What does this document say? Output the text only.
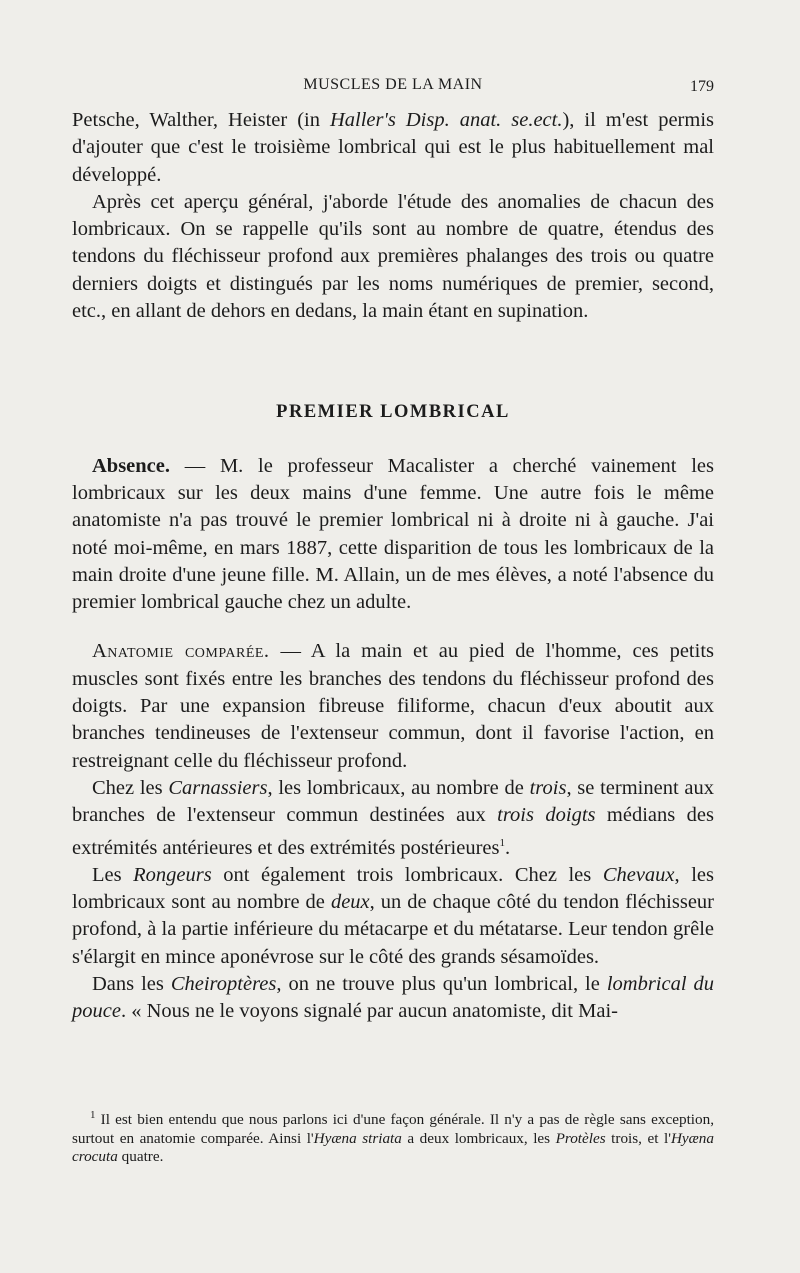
MUSCLES DE LA MAIN	179

Petsche, Walther, Heister (in Haller's Disp. anat. se.ect.), il m'est permis d'ajouter que c'est le troisième lombrical qui est le plus habituellement mal développé.

Après cet aperçu général, j'aborde l'étude des anomalies de chacun des lombricaux. On se rappelle qu'ils sont au nombre de quatre, étendus des tendons du fléchisseur profond aux premières phalanges des trois ou quatre derniers doigts et distingués par les noms numériques de premier, second, etc., en allant de dehors en dedans, la main étant en supination.

PREMIER LOMBRICAL

Absence. — M. le professeur Macalister a cherché vainement les lombricaux sur les deux mains d'une femme. Une autre fois le même anatomiste n'a pas trouvé le premier lombrical ni à droite ni à gauche. J'ai noté moi-même, en mars 1887, cette disparition de tous les lombricaux de la main droite d'une jeune fille. M. Allain, un de mes élèves, a noté l'absence du premier lombrical gauche chez un adulte.

Anatomie comparée. — A la main et au pied de l'homme, ces petits muscles sont fixés entre les branches des tendons du fléchisseur profond des doigts. Par une expansion fibreuse filiforme, chacun d'eux aboutit aux branches tendineuses de l'extenseur commun, dont il favorise l'action, en restreignant celle du fléchisseur profond.

Chez les Carnassiers, les lombricaux, au nombre de trois, se terminent aux branches de l'extenseur commun destinées aux trois doigts médians des extrémités antérieures et des extrémités postérieures$^1$.

Les Rongeurs ont également trois lombricaux. Chez les Chevaux, les lombricaux sont au nombre de deux, un de chaque côté du tendon fléchisseur profond, à la partie inférieure du métacarpe et du métatarse. Leur tendon grêle s'élargit en mince aponévrose sur le côté des grands sésamoïdes.

Dans les Cheiroptères, on ne trouve plus qu'un lombrical, le lombrical du pouce. « Nous ne le voyons signalé par aucun anatomiste, dit Mai-

$^1$ Il est bien entendu que nous parlons ici d'une façon générale. Il n'y a pas de règle sans exception, surtout en anatomie comparée. Ainsi l'Hyæna striata a deux lombricaux, les Protèles trois, et l'Hyæna crocuta quatre.
